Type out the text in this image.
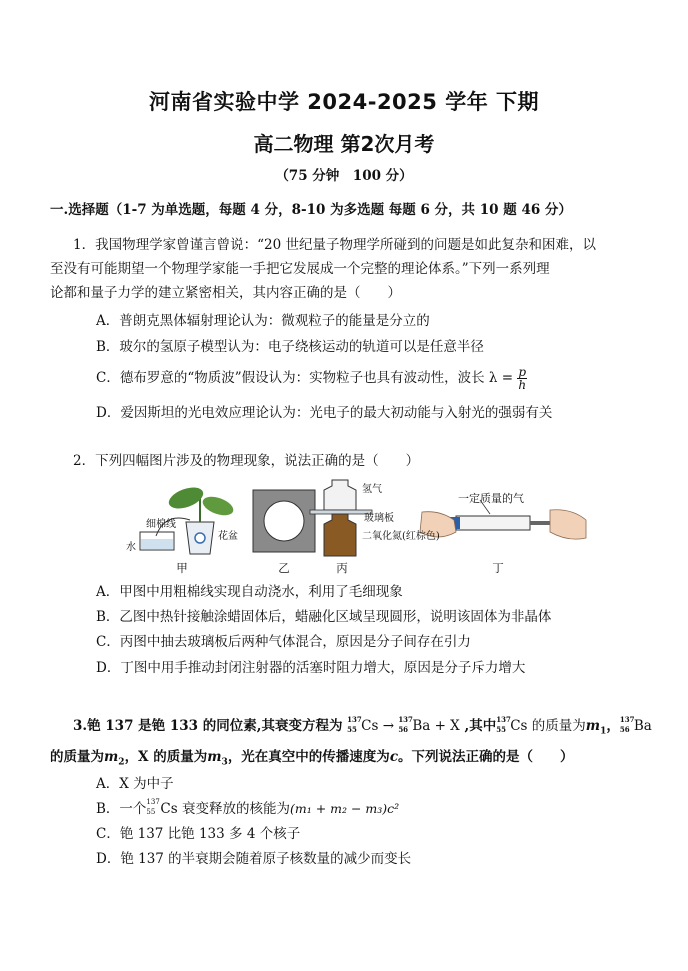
河南省实验中学 2024-2025 学年 下期
高二物理 第2次月考
（75 分钟　100 分）
一.选择题（1-7 为单选题，每题 4 分，8-10 为多选题 每题 6 分，共 10 题 46 分）
1．我国物理学家曾谨言曾说：“20 世纪量子物理学所碰到的问题是如此复杂和困难，以
至没有可能期望一个物理学家能一手把它发展成一个完整的理论体系。”下列一系列理
论都和量子力学的建立紧密相关，其内容正确的是（　　）
A．普朗克黑体辐射理论认为：微观粒子的能量是分立的
B．玻尔的氢原子模型认为：电子绕核运动的轨道可以是任意半径
C．德布罗意的“物质波”假设认为：实物粒子也具有波动性，波长 $\lambda = \frac{p}{h}$
D．爱因斯坦的光电效应理论认为：光电子的最大初动能与入射光的强弱有关
2．下列四幅图片涉及的物理现象，说法正确的是（　　）
细棉线
水
花盆
氢气
玻璃板
二氧化氮(红棕色)
一定质量的气
甲	乙	丙	丁
A．甲图中用粗棉线实现自动浇水，利用了毛细现象
B．乙图中热针接触涂蜡固体后，蜡融化区域呈现圆形，说明该固体为非晶体
C．丙图中抽去玻璃板后两种气体混合，原因是分子间存在引力
D．丁图中用手推动封闭注射器的活塞时阻力增大，原因是分子斥力增大
3.铯 137 是铯 133 的同位素,其衰变方程为 137
55 Cs → 137
56 Ba + X ,其中 137
55 Cs 的质量为$m_1$， 137
56 Ba
的质量为$m_2$，X 的质量为$m_3$，光在真空中的传播速度为c。下列说法正确的是（　　）
A．X 为中子
B．一个 137
55 Cs 衰变释放的核能为(m₁ + m₂ − m₃)c²
C．铯 137 比铯 133 多 4 个核子
D．铯 137 的半衰期会随着原子核数量的减少而变长
